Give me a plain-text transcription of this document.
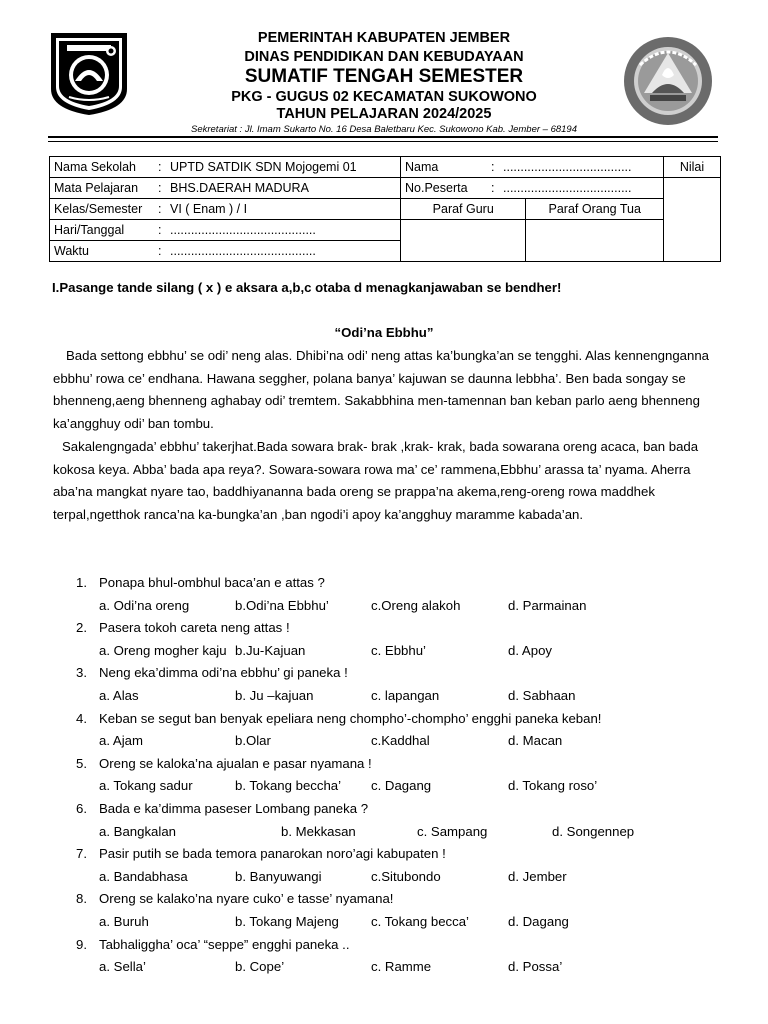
PEMERINTAH KABUPATEN JEMBER
DINAS PENDIDIKAN DAN KEBUDAYAAN
SUMATIF TENGAH SEMESTER
PKG - GUGUS 02 KECAMATAN SUKOWONO
TAHUN PELAJARAN 2024/2025
Sekretariat : Jl. Imam Sukarto No. 16 Desa Baletbaru Kec. Sukowono Kab. Jember – 68194
Nama Sekolah : UPTD SATDIK SDN Mojogemi 01	Nama : .....................................		Nilai
Mata Pelajaran : BHS.DAERAH MADURA	No.Peserta : .....................................		
Kelas/Semester : VI ( Enam ) / I	Paraf Guru	Paraf Orang Tua	
Hari/Tanggal : ..........................................			
Waktu : ..........................................			
I.Pasange tande silang ( x ) e aksara a,b,c otaba d menagkanjawaban se bendher!
“Odi’na Ebbhu”

Bada settong ebbhu’ se odi’ neng alas. Dhibi’na odi’ neng attas ka’bungka’an se tengghi. Alas kennengnganna ebbhu’ rowa ce’ endhana. Hawana seggher, polana banya’ kajuwan se daunna lebbha’. Ben bada songay se bhenneng,aeng bhenneng aghabay odi’ tremtem. Sakabbhina men-tamennan ban keban parlo aeng bhenneng ka’angghuy odi’ ban tombu.

Sakalengngada’ ebbhu’ takerjhat.Bada sowara brak- brak ,krak- krak, bada sowarana oreng acaca, ban bada kokosa keya. Abba’ bada apa reya?. Sowara-sowara rowa ma’ ce’ rammena,Ebbhu’ arassa ta’ nyama. Aherra aba’na mangkat nyare tao, baddhiyananna bada oreng se prappa’na akema,reng-oreng rowa maddhek terpal,ngetthok ranca’na ka-bungka’an ,ban ngodi’i apoy ka’angghuy maramme kabada’an.

1. Ponapa bhul-ombhul baca’an e attas ?
a. Odi’na oreng	b.Odi’na Ebbhu’	c.Oreng alakoh	d. Parmainan
2. Pasera tokoh careta neng attas !
a. Oreng mogher kaju b.Ju-Kajuan	c. Ebbhu’	d. Apoy
3. Neng eka’dimma odi’na ebbhu’ gi paneka !
a. Alas	b. Ju –kajuan	c. lapangan	d. Sabhaan
4. Keban se segut ban benyak epeliara neng chompho’-chompho’ engghi paneka keban!
a. Ajam	b.Olar	c.Kaddhal	d. Macan
5. Oreng se kaloka’na ajualan e pasar nyamana !
a. Tokang sadur	b. Tokang beccha’ c. Dagang	d. Tokang roso’
6. Bada e ka’dimma paseser Lombang paneka ?
a. Bangkalan	b. Mekkasan	c. Sampang	d. Songennep
7. Pasir putih se bada temora panarokan noro’agi kabupaten !
a. Bandabhasa	b. Banyuwangi	c.Situbondo	d. Jember
8. Oreng se kalako’na nyare cuko’ e tasse’ nyamana!
a. Buruh	b. Tokang Majeng c. Tokang becca’	d. Dagang
9. Tabhaliggha’ oca’ “seppe” engghi paneka ..
a. Sella’	b. Cope’	c. Ramme	d. Possa’
